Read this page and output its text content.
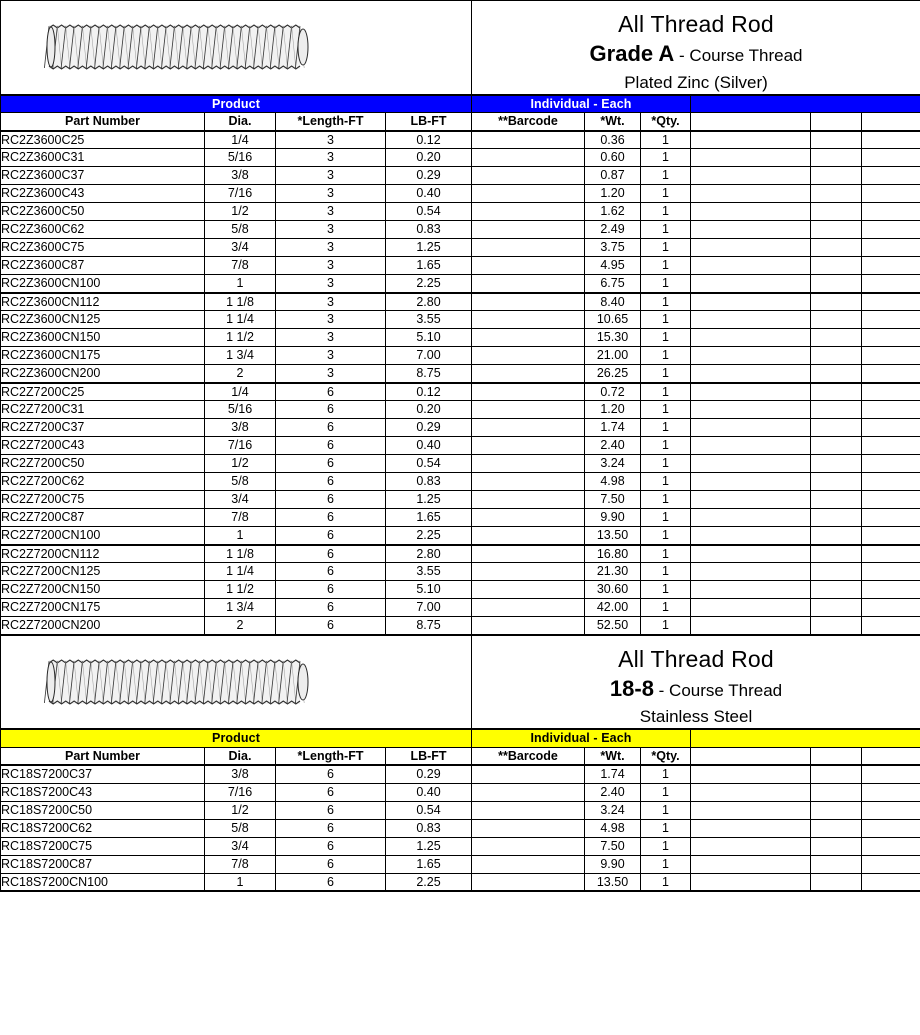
All Thread Rod
Grade A - Course Thread
Plated Zinc (Silver)					

Product				Individual - Each					
Part Number	Dia.	*Length-FT	LB-FT	**Barcode	*Wt.	*Qty.			
RC2Z3600C25	1/4	3	0.12		0.36	1			
RC2Z3600C31	5/16	3	0.20		0.60	1			
RC2Z3600C37	3/8	3	0.29		0.87	1			
RC2Z3600C43	7/16	3	0.40		1.20	1			
RC2Z3600C50	1/2	3	0.54		1.62	1			
RC2Z3600C62	5/8	3	0.83		2.49	1			
RC2Z3600C75	3/4	3	1.25		3.75	1			
RC2Z3600C87	7/8	3	1.65		4.95	1			
RC2Z3600CN100	1	3	2.25		6.75	1			
RC2Z3600CN112	1 1/8	3	2.80		8.40	1			
RC2Z3600CN125	1 1/4	3	3.55		10.65	1			
RC2Z3600CN150	1 1/2	3	5.10		15.30	1			
RC2Z3600CN175	1 3/4	3	7.00		21.00	1			
RC2Z3600CN200	2	3	8.75		26.25	1			
RC2Z7200C25	1/4	6	0.12		0.72	1			
RC2Z7200C31	5/16	6	0.20		1.20	1			
RC2Z7200C37	3/8	6	0.29		1.74	1			
RC2Z7200C43	7/16	6	0.40		2.40	1			
RC2Z7200C50	1/2	6	0.54		3.24	1			
RC2Z7200C62	5/8	6	0.83		4.98	1			
RC2Z7200C75	3/4	6	1.25		7.50	1			
RC2Z7200C87	7/8	6	1.65		9.90	1			
RC2Z7200CN100	1	6	2.25		13.50	1			
RC2Z7200CN112	1 1/8	6	2.80		16.80	1			
RC2Z7200CN125	1 1/4	6	3.55		21.30	1			
RC2Z7200CN150	1 1/2	6	5.10		30.60	1			
RC2Z7200CN175	1 3/4	6	7.00		42.00	1			
RC2Z7200CN200	2	6	8.75		52.50	1			

All Thread Rod
18-8 - Course Thread
Stainless Steel					

Product				Individual - Each					
Part Number	Dia.	*Length-FT	LB-FT	**Barcode	*Wt.	*Qty.			
RC18S7200C37	3/8	6	0.29		1.74	1			
RC18S7200C43	7/16	6	0.40		2.40	1			
RC18S7200C50	1/2	6	0.54		3.24	1			
RC18S7200C62	5/8	6	0.83		4.98	1			
RC18S7200C75	3/4	6	1.25		7.50	1			
RC18S7200C87	7/8	6	1.65		9.90	1			
RC18S7200CN100	1	6	2.25		13.50	1			
